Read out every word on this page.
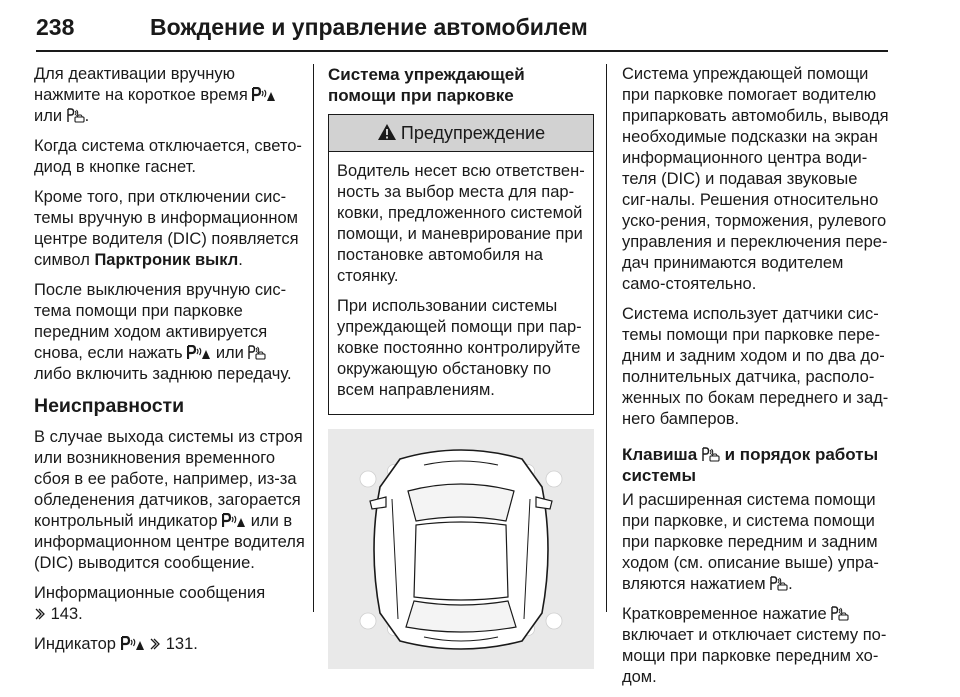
238	Вождение и управление автомобилем

Для деактивации вручную нажмите на короткое время  или .

Когда система отключается, свето-диод в кнопке гаснет.

Кроме того, при отключении сис-темы вручную в информационном центре водителя (DIC) появляется символ Парктроник выкл.

После выключения вручную сис-тема помощи при парковке передним ходом активируется снова, если нажать или  либо включить заднюю передачу.

Неисправности

В случае выхода системы из строя или возникновения временного сбоя в ее работе, например, из-за обледенения датчиков, загорается контрольный индикатор или в информационном центре водителя (DIC) выводится сообщение.

Информационные сообщения
143.

Индикатор	131.

Система упреждающей помощи при парковке
Предупреждение

Водитель несет всю ответствен-ность за выбор места для пар-ковки, предложенного системой помощи, и маневрирование при постановке автомобиля на стоянку.

При использовании системы упреждающей помощи при пар-ковке постоянно контролируйте окружающую обстановку по всем направлениям.

Система упреждающей помощи при парковке помогает водителю припарковать автомобиль, выводя необходимые подсказки на экран информационного центра води-теля (DIC) и подавая звуковые сиг-налы. Решения относительно уско-рения, торможения, рулевого управления и переключения пере-дач принимаются водителем само-стоятельно.

Система использует датчики сис-темы помощи при парковке пере-дним и задним ходом и по два до-полнительных датчика, располо-женных по бокам переднего и зад-него бамперов.

Клавиша и порядок работы системы

И расширенная система помощи при парковке, и система помощи при парковке передним и задним ходом (см. описание выше) упра-вляются нажатием .

Кратковременное нажатие  включает и отключает систему по-мощи при парковке передним хо-дом.
